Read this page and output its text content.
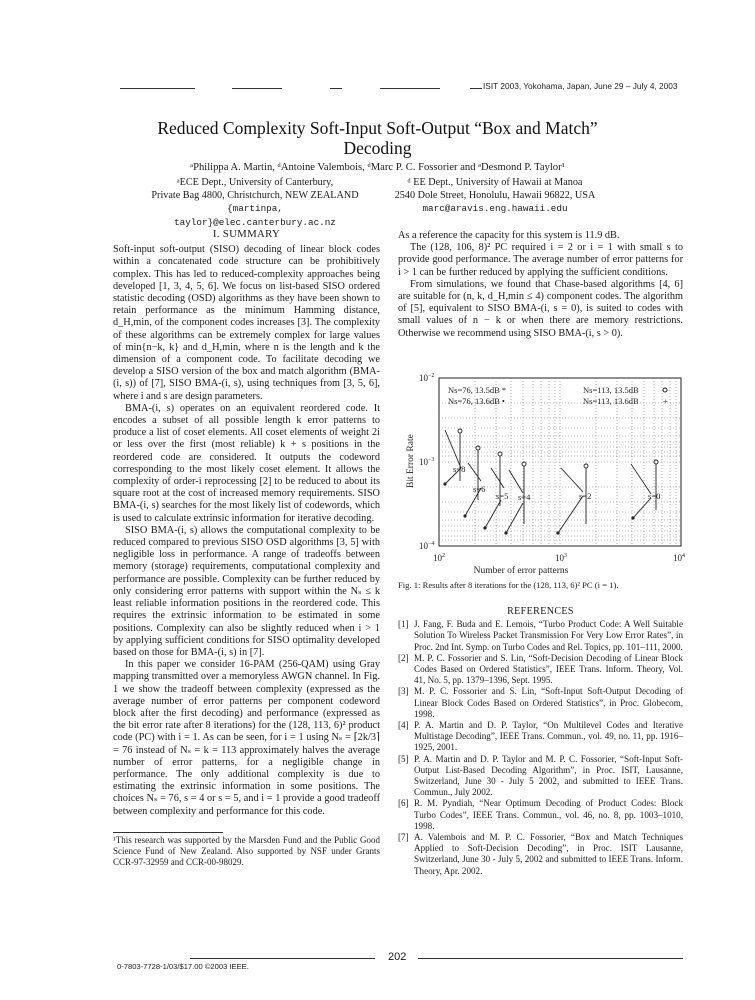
ISIT 2003, Yokohama, Japan, June 29 – July 4, 2003
Reduced Complexity Soft-Input Soft-Output “Box and Match”
Decoding
ᵃPhilippa A. Martin, ᵈAntoine Valembois, ᵈMarc P. C. Fossorier and ᵃDesmond P. Taylor¹
ᵃECE Dept., University of Canterbury,
Private Bag 4800, Christchurch, NEW ZEALAND
{martinpa, taylor}@elec.canterbury.ac.nz
ᵈ EE Dept., University of Hawaii at Manoa
2540 Dole Street, Honolulu, Hawaii 96822, USA
marc@aravis.eng.hawaii.edu
I. SUMMARY

Soft-input soft-output (SISO) decoding of linear block codes within a concatenated code structure can be prohibitively complex. This has led to reduced-complexity approaches being developed [1, 3, 4, 5, 6]. We focus on list-based SISO ordered statistic decoding (OSD) algorithms as they have been shown to retain performance as the minimum Hamming distance, d_H,min, of the component codes increases [3]. The complexity of these algorithms can be extremely complex for large values of min{n−k, k} and d_H,min, where n is the length and k the dimension of a component code. To facilitate decoding we develop a SISO version of the box and match algorithm (BMA-(i, s)) of [7], SISO BMA-(i, s), using techniques from [3, 5, 6], where i and s are design parameters.

BMA-(i, s) operates on an equivalent reordered code. It encodes a subset of all possible length k error patterns to produce a list of coset elements. All coset elements of weight 2i or less over the first (most reliable) k + s positions in the reordered code are considered. It outputs the codeword corresponding to the most likely coset element. It allows the complexity of order-i reprocessing [2] to be reduced to about its square root at the cost of increased memory requirements. SISO BMA-(i, s) searches for the most likely list of codewords, which is used to calculate extrinsic information for iterative decoding.

SISO BMA-(i, s) allows the computational complexity to be reduced compared to previous SISO OSD algorithms [3, 5] with negligible loss in performance. A range of tradeoffs between memory (storage) requirements, computational complexity and performance are possible. Complexity can be further reduced by only considering error patterns with support within the Nₛ ≤ k least reliable information positions in the reordered code. This requires the extrinsic information to be estimated in some positions. Complexity can also be slightly reduced when i > 1 by applying sufficient conditions for SISO optimality developed based on those for BMA-(i, s) in [7].

In this paper we consider 16-PAM (256-QAM) using Gray mapping transmitted over a memoryless AWGN channel. In Fig. 1 we show the tradeoff between complexity (expressed as the average number of error patterns per component codeword block after the first decoding) and performance (expressed as the bit error rate after 8 iterations) for the (128, 113, 6)² product code (PC) with i = 1. As can be seen, for i = 1 using Nₛ = ⌈2k/3⌉ = 76 instead of Nₛ = k = 113 approximately halves the average number of error patterns, for a negligible change in performance. The only additional complexity is due to estimating the extrinsic information in some positions. The choices Nₛ = 76, s = 4 or s = 5, and i = 1 provide a good tradeoff between complexity and performance for this code.

¹This research was supported by the Marsden Fund and the Public Good Science Fund of New Zealand. Also supported by NSF under Grants CCR-97-32959 and CCR-00-98029.

As a reference the capacity for this system is 11.9 dB.

The (128, 106, 8)² PC required i = 2 or i = 1 with small s to provide good performance. The average number of error patterns for i > 1 can be further reduced by applying the sufficient conditions.

From simulations, we found that Chase-based algorithms [4, 6] are suitable for (n, k, d_H,min ≤ 4) component codes. The algorithm of [5], equivalent to SISO BMA-(i, s = 0), is suited to codes with small values of n − k or when there are memory restrictions. Otherwise we recommend using SISO BMA-(i, s > 0).

$10^{-2}$
$10^{-3}$
$10^{-4}$
$10^2$	$10^3$	$10^4$
Number of error patterns
Bit Error Rate
Ns=76, 13.5dB *
Ns=76, 13.6dB •
Ns=113, 13.5dB
Ns=113, 13.6dB	+
s=8
s=6
s=5 s=4	s=2	s=0
Fig. 1: Results after 8 iterations for the (128, 113, 6)² PC (i = 1).
REFERENCES
[1] J. Fang, F. Buda and E. Lemois, “Turbo Product Code: A Well Suitable Solution To Wireless Packet Transmission For Very Low Error Rates”, in Proc. 2nd Int. Symp. on Turbo Codes and Rel. Topics, pp. 101–111, 2000.
[2] M. P. C. Fossorier and S. Lin, “Soft-Decision Decoding of Linear Block Codes Based on Ordered Statistics”, IEEE Trans. Inform. Theory, Vol. 41, No. 5, pp. 1379–1396, Sept. 1995.
[3] M. P. C. Fossorier and S. Lin, “Soft-Input Soft-Output Decoding of Linear Block Codes Based on Ordered Statistics”, in Proc. Globecom, 1998.
[4] P. A. Martin and D. P. Taylor, “On Multilevel Codes and Iterative Multistage Decoding”, IEEE Trans. Commun., vol. 49, no. 11, pp. 1916–1925, 2001.
[5] P. A. Martin and D. P. Taylor and M. P. C. Fossorier, “Soft-Input Soft-Output List-Based Decoding Algorithm”, in Proc. ISIT, Lausanne, Switzerland, June 30 - July 5 2002, and submitted to IEEE Trans. Commun., July 2002.
[6] R. M. Pyndiah, “Near Optimum Decoding of Product Codes: Block Turbo Codes”, IEEE Trans. Commun., vol. 46, no. 8, pp. 1003–1010, 1998.
[7] A. Valembois and M. P. C. Fossorier, “Box and Match Techniques Applied to Soft-Decision Decoding”, in Proc. ISIT Lausanne, Switzerland, June 30 - July 5, 2002 and submitted to IEEE Trans. Inform. Theory, Apr. 2002.
202
0-7803-7728-1/03/$17.00 ©2003 IEEE.
